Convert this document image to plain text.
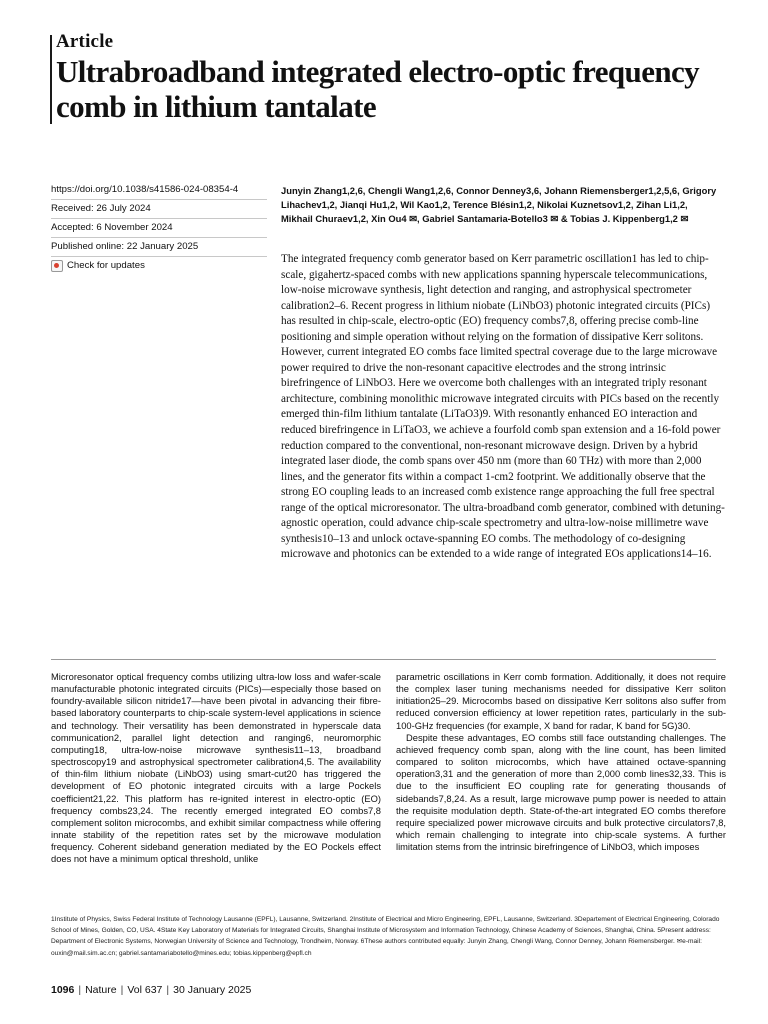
Article
Ultrabroadband integrated electro-optic frequency comb in lithium tantalate
https://doi.org/10.1038/s41586-024-08354-4
Received: 26 July 2024
Accepted: 6 November 2024
Published online: 22 January 2025
Check for updates
Junyin Zhang1,2,6, Chengli Wang1,2,6, Connor Denney3,6, Johann Riemensberger1,2,5,6, Grigory Lihachev1,2, Jianqi Hu1,2, Wil Kao1,2, Terence Blésin1,2, Nikolai Kuznetsov1,2, Zihan Li1,2, Mikhail Churaev1,2, Xin Ou4 ✉, Gabriel Santamaria-Botello3 ✉ & Tobias J. Kippenberg1,2 ✉

The integrated frequency comb generator based on Kerr parametric oscillation1 has led to chip-scale, gigahertz-spaced combs with new applications spanning hyperscale telecommunications, low-noise microwave synthesis, light detection and ranging, and astrophysical spectrometer calibration2–6. Recent progress in lithium niobate (LiNbO3) photonic integrated circuits (PICs) has resulted in chip-scale, electro-optic (EO) frequency combs7,8, offering precise comb-line positioning and simple operation without relying on the formation of dissipative Kerr solitons. However, current integrated EO combs face limited spectral coverage due to the large microwave power required to drive the non-resonant capacitive electrodes and the strong intrinsic birefringence of LiNbO3. Here we overcome both challenges with an integrated triply resonant architecture, combining monolithic microwave integrated circuits with PICs based on the recently emerged thin-film lithium tantalate (LiTaO3)9. With resonantly enhanced EO interaction and reduced birefringence in LiTaO3, we achieve a fourfold comb span extension and a 16-fold power reduction compared to the conventional, non-resonant microwave design. Driven by a hybrid integrated laser diode, the comb spans over 450 nm (more than 60 THz) with more than 2,000 lines, and the generator fits within a compact 1-cm2 footprint. We additionally observe that the strong EO coupling leads to an increased comb existence range approaching the full free spectral range of the optical microresonator. The ultra-broadband comb generator, combined with detuning-agnostic operation, could advance chip-scale spectrometry and ultra-low-noise millimetre wave synthesis10–13 and unlock octave-spanning EO combs. The methodology of co-designing microwave and photonics can be extended to a wide range of integrated EOs applications14–16.

Microresonator optical frequency combs utilizing ultra-low loss and wafer-scale manufacturable photonic integrated circuits (PICs)—especially those based on foundry-available silicon nitride17—have been pivotal in advancing their fibre-based laboratory counterparts to chip-scale system-level applications in science and technology. Their versatility has been demonstrated in hyperscale data communication2, parallel light detection and ranging6, neuromorphic computing18, ultra-low-noise microwave synthesis11–13, broadband spectroscopy19 and astrophysical spectrometer calibration4,5. The availability of thin-film lithium niobate (LiNbO3) using smart-cut20 has triggered the development of EO photonic integrated circuits with a large Pockels coefficient21,22. This platform has re-ignited interest in electro-optic (EO) frequency combs23,24. The recently emerged integrated EO combs7,8 complement soliton microcombs, and exhibit similar compactness while offering innate stability of the repetition rates set by the microwave modulation frequency. Coherent sideband generation mediated by the EO Pockels effect does not have a minimum optical threshold, unlike

parametric oscillations in Kerr comb formation. Additionally, it does not require the complex laser tuning mechanisms needed for dissipative Kerr soliton initiation25–29. Microcombs based on dissipative Kerr solitons also suffer from reduced conversion efficiency at lower repetition rates, particularly in the sub-100-GHz frequencies (for example, X band for radar, K band for 5G)30.

Despite these advantages, EO combs still face outstanding challenges. The achieved frequency comb span, along with the line count, has been limited compared to soliton microcombs, which have attained octave-spanning operation3,31 and the generation of more than 2,000 comb lines32,33. This is due to the insufficient EO coupling rate for generating thousands of sidebands7,8,24. As a result, large microwave pump power is needed to attain the requisite modulation depth. State-of-the-art integrated EO combs therefore require specialized power microwave circuits and bulk protective circulators7,8, which remain challenging to integrate into chip-scale systems. A further limitation stems from the intrinsic birefringence of LiNbO3, which imposes

1Institute of Physics, Swiss Federal Institute of Technology Lausanne (EPFL), Lausanne, Switzerland. 2Institute of Electrical and Micro Engineering, EPFL, Lausanne, Switzerland. 3Departement of Electrical Engineering, Colorado School of Mines, Golden, CO, USA. 4State Key Laboratory of Materials for Integrated Circuits, Shanghai Institute of Microsystem and Information Technology, Chinese Academy of Sciences, Shanghai, China. 5Present address: Department of Electronic Systems, Norwegian University of Science and Technology, Trondheim, Norway. 6These authors contributed equally: Junyin Zhang, Chengli Wang, Connor Denney, Johann Riemensberger. ✉e-mail: ouxin@mail.sim.ac.cn; gabriel.santamariabotello@mines.edu; tobias.kippenberg@epfl.ch
1096 | Nature | Vol 637 | 30 January 2025
